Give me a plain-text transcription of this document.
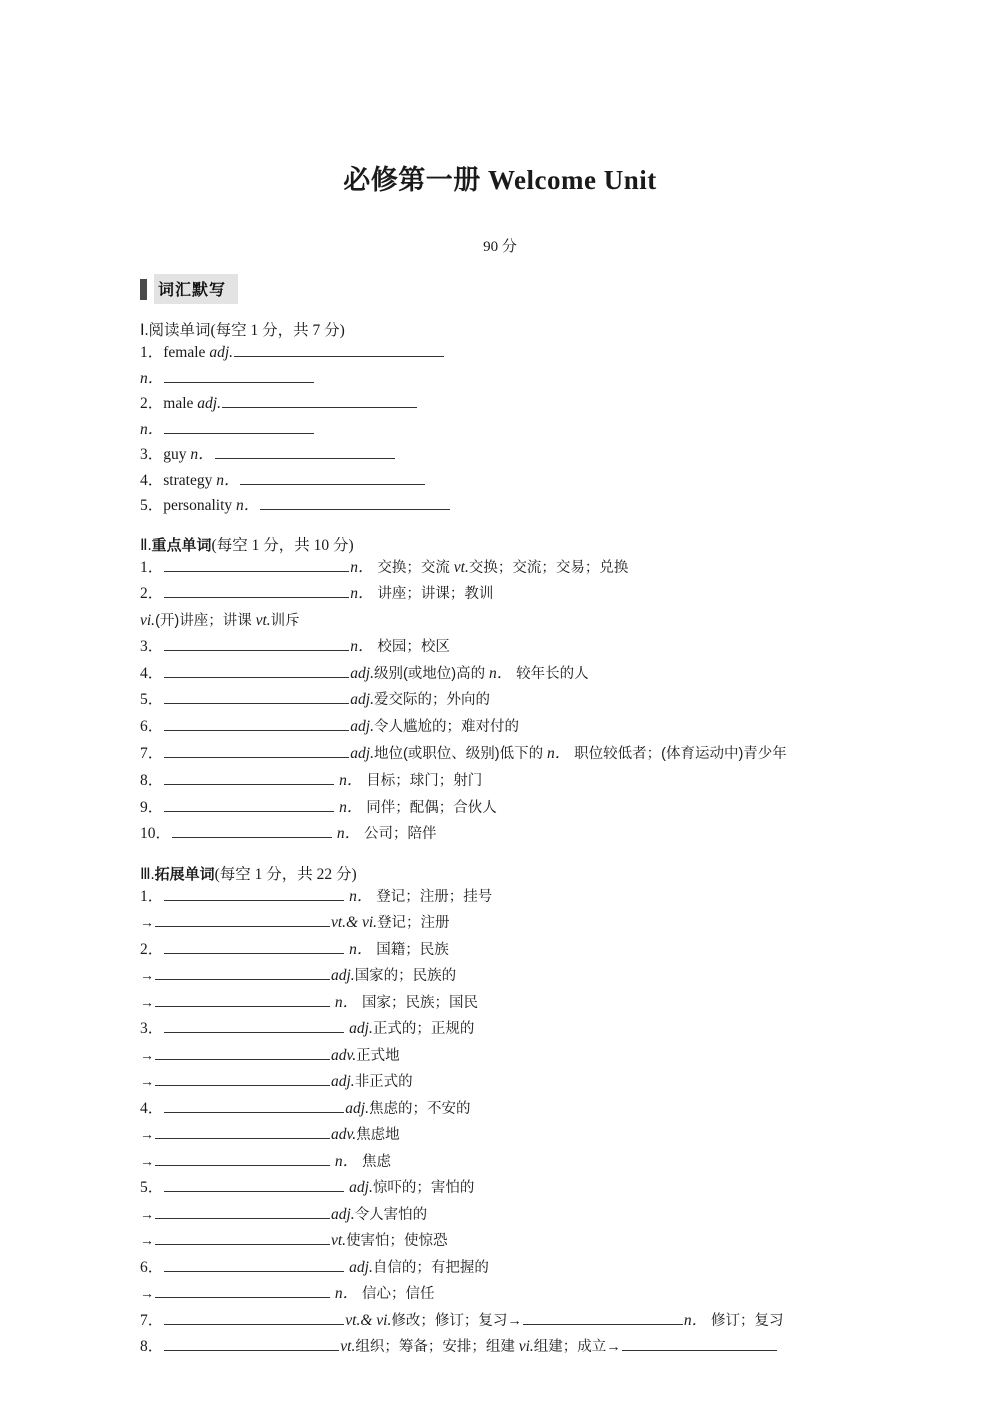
必修第一册 Welcome Unit
90 分
词汇默写
Ⅰ.阅读单词(每空 1 分，共 7 分)
1．female adj.
n．
2．male adj.
n．
3．guy n．
4．strategy n．
5．personality n．
Ⅱ.重点单词(每空 1 分，共 10 分)
1．	n． 交换；交流 vt.交换；交流；交易；兑换
2．	n． 讲座；讲课；教训
vi.(开)讲座；讲课 vt.训斥
3．	n． 校园；校区
4．	adj.级别(或地位)高的 n． 较年长的人
5．	adj.爱交际的；外向的
6．	adj.令人尴尬的；难对付的
7．	adj.地位(或职位、级别)低下的 n． 职位较低者；(体育运动中)青少年
8．	n． 目标；球门；射门
9．	n． 同伴；配偶；合伙人
10．	n． 公司；陪伴
Ⅲ.拓展单词(每空 1 分，共 22 分)
1．	n． 登记；注册；挂号
→	vt.& vi.登记；注册
2．	n． 国籍；民族
→	adj.国家的；民族的
→	n． 国家；民族；国民
3．	adj.正式的；正规的
→	adv.正式地
→	adj.非正式的
4．	adj.焦虑的；不安的
→	adv.焦虑地
→	n． 焦虑
5．	adj.惊吓的；害怕的
→	adj.令人害怕的
→	vt.使害怕；使惊恐
6．	adj.自信的；有把握的
→	n． 信心；信任
7．	vt.& vi.修改；修订；复习→	n． 修订；复习
8．	vt.组织；筹备；安排；组建 vi.组建；成立→
